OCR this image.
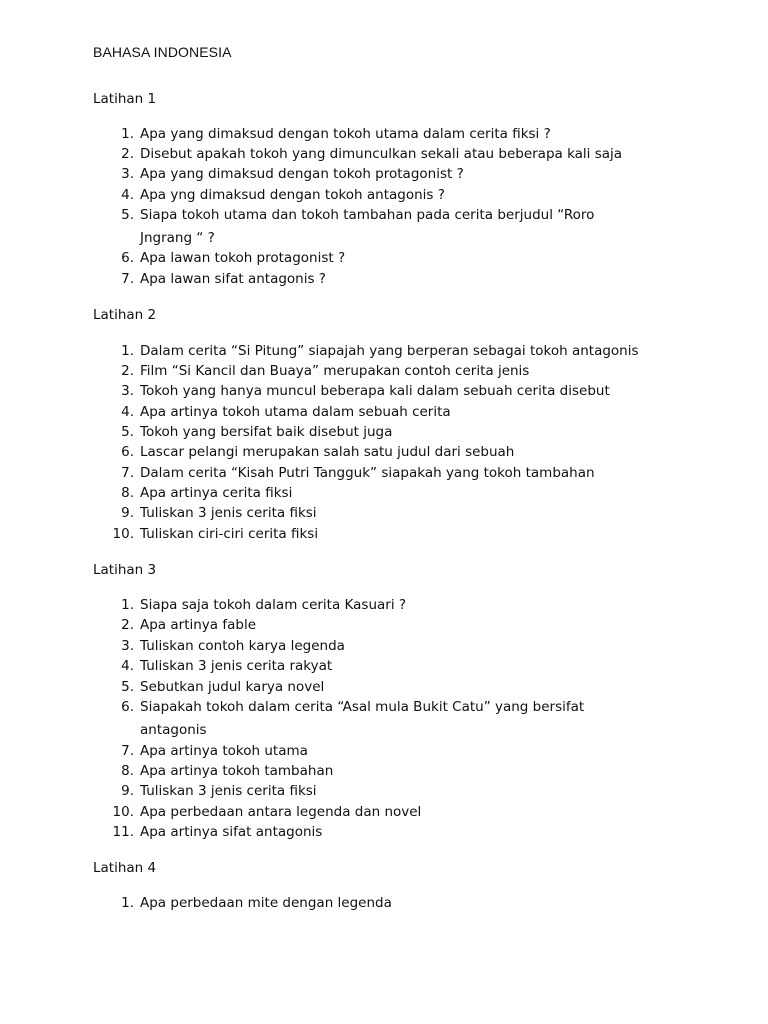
BAHASA INDONESIA
Latihan 1
1. Apa yang dimaksud dengan tokoh utama dalam cerita fiksi ?
2. Disebut apakah tokoh yang dimunculkan sekali atau beberapa kali saja
3. Apa yang dimaksud dengan tokoh protagonist ?
4. Apa yng dimaksud dengan tokoh antagonis ?
5. Siapa tokoh utama dan tokoh tambahan pada cerita berjudul “Roro Jngrang “ ?
6. Apa lawan tokoh protagonist ?
7. Apa lawan sifat antagonis ?
Latihan 2
1. Dalam cerita “Si Pitung” siapajah yang berperan sebagai tokoh antagonis
2. Film “Si Kancil dan Buaya” merupakan contoh cerita jenis
3. Tokoh yang hanya muncul beberapa kali dalam sebuah cerita disebut
4. Apa artinya tokoh utama dalam sebuah cerita
5. Tokoh yang bersifat baik disebut juga
6. Lascar pelangi merupakan salah satu judul dari sebuah
7. Dalam cerita “Kisah Putri Tangguk” siapakah yang tokoh tambahan
8. Apa artinya cerita fiksi
9. Tuliskan 3 jenis cerita fiksi
10. Tuliskan ciri-ciri cerita fiksi
Latihan 3
1. Siapa saja tokoh dalam cerita Kasuari ?
2. Apa artinya fable
3. Tuliskan contoh karya legenda
4. Tuliskan 3 jenis cerita rakyat
5. Sebutkan judul karya novel
6. Siapakah tokoh dalam cerita “Asal mula Bukit Catu” yang bersifat antagonis
7. Apa artinya tokoh utama
8. Apa artinya tokoh tambahan
9. Tuliskan 3 jenis cerita fiksi
10. Apa perbedaan antara legenda dan novel
11. Apa artinya sifat antagonis
Latihan 4
1. Apa perbedaan mite dengan legenda
